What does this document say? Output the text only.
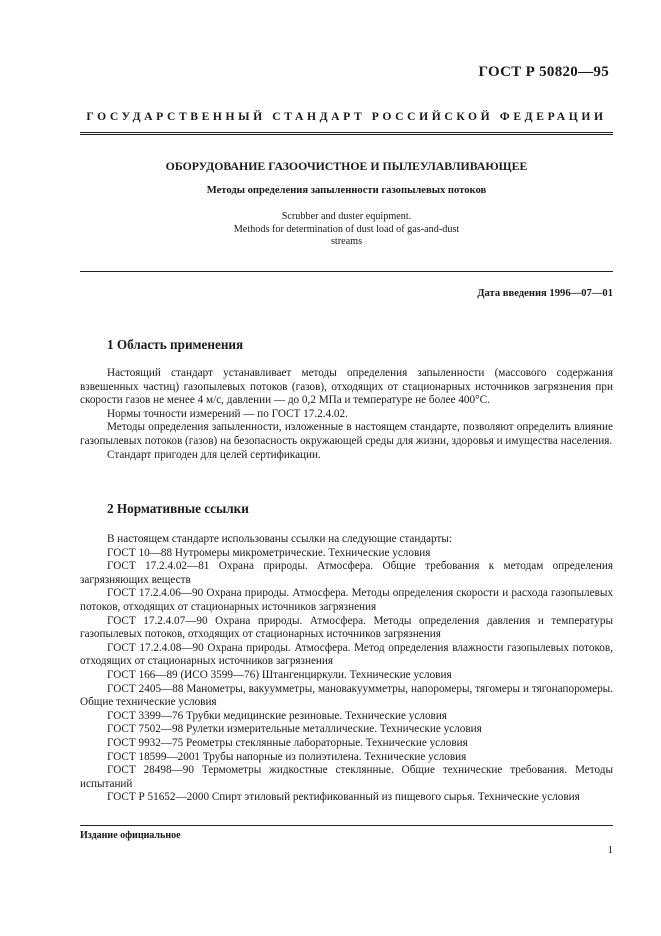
ГОСТ Р 50820—95
ГОСУДАРСТВЕННЫЙ СТАНДАРТ РОССИЙСКОЙ ФЕДЕРАЦИИ
ОБОРУДОВАНИЕ ГАЗООЧИСТНОЕ И ПЫЛЕУЛАВЛИВАЮЩЕЕ
Методы определения запыленности газопылевых потоков
Scrubber and duster equipment.
Methods for determination of dust load of gas-and-dust
streams
Дата введения 1996—07—01
1 Область применения
Настоящий стандарт устанавливает методы определения запыленности (массового содержания взвешенных частиц) газопылевых потоков (газов), отходящих от стационарных источников загрязнения при скорости газов не менее 4 м/с, давлении — до 0,2 МПа и температуре не более 400°С.
Нормы точности измерений — по ГОСТ 17.2.4.02.
Методы определения запыленности, изложенные в настоящем стандарте, позволяют определить влияние газопылевых потоков (газов) на безопасность окружающей среды для жизни, здоровья и имущества населения.
Стандарт пригоден для целей сертификации.
2 Нормативные ссылки
В настоящем стандарте использованы ссылки на следующие стандарты:
ГОСТ 10—88 Нутромеры микрометрические. Технические условия
ГОСТ 17.2.4.02—81 Охрана природы. Атмосфера. Общие требования к методам определения загрязняющих веществ
ГОСТ 17.2.4.06—90 Охрана природы. Атмосфера. Методы определения скорости и расхода газопылевых потоков, отходящих от стационарных источников загрязнения
ГОСТ 17.2.4.07—90 Охрана природы. Атмосфера. Методы определения давления и температуры газопылевых потоков, отходящих от стационарных источников загрязнения
ГОСТ 17.2.4.08—90 Охрана природы. Атмосфера. Метод определения влажности газопылевых потоков, отходящих от стационарных источников загрязнения
ГОСТ 166—89 (ИСО 3599—76) Штангенциркули. Технические условия
ГОСТ 2405—88 Манометры, вакуумметры, мановакуумметры, напоромеры, тягомеры и тягонапоромеры. Общие технические условия
ГОСТ 3399—76 Трубки медицинские резиновые. Технические условия
ГОСТ 7502—98 Рулетки измерительные металлические. Технические условия
ГОСТ 9932—75 Реометры стеклянные лабораторные. Технические условия
ГОСТ 18599—2001 Трубы напорные из полиэтилена. Технические условия
ГОСТ 28498—90 Термометры жидкостные стеклянные. Общие технические требования. Методы испытаний
ГОСТ Р 51652—2000 Спирт этиловый ректификованный из пищевого сырья. Технические условия
Издание официальное
1
